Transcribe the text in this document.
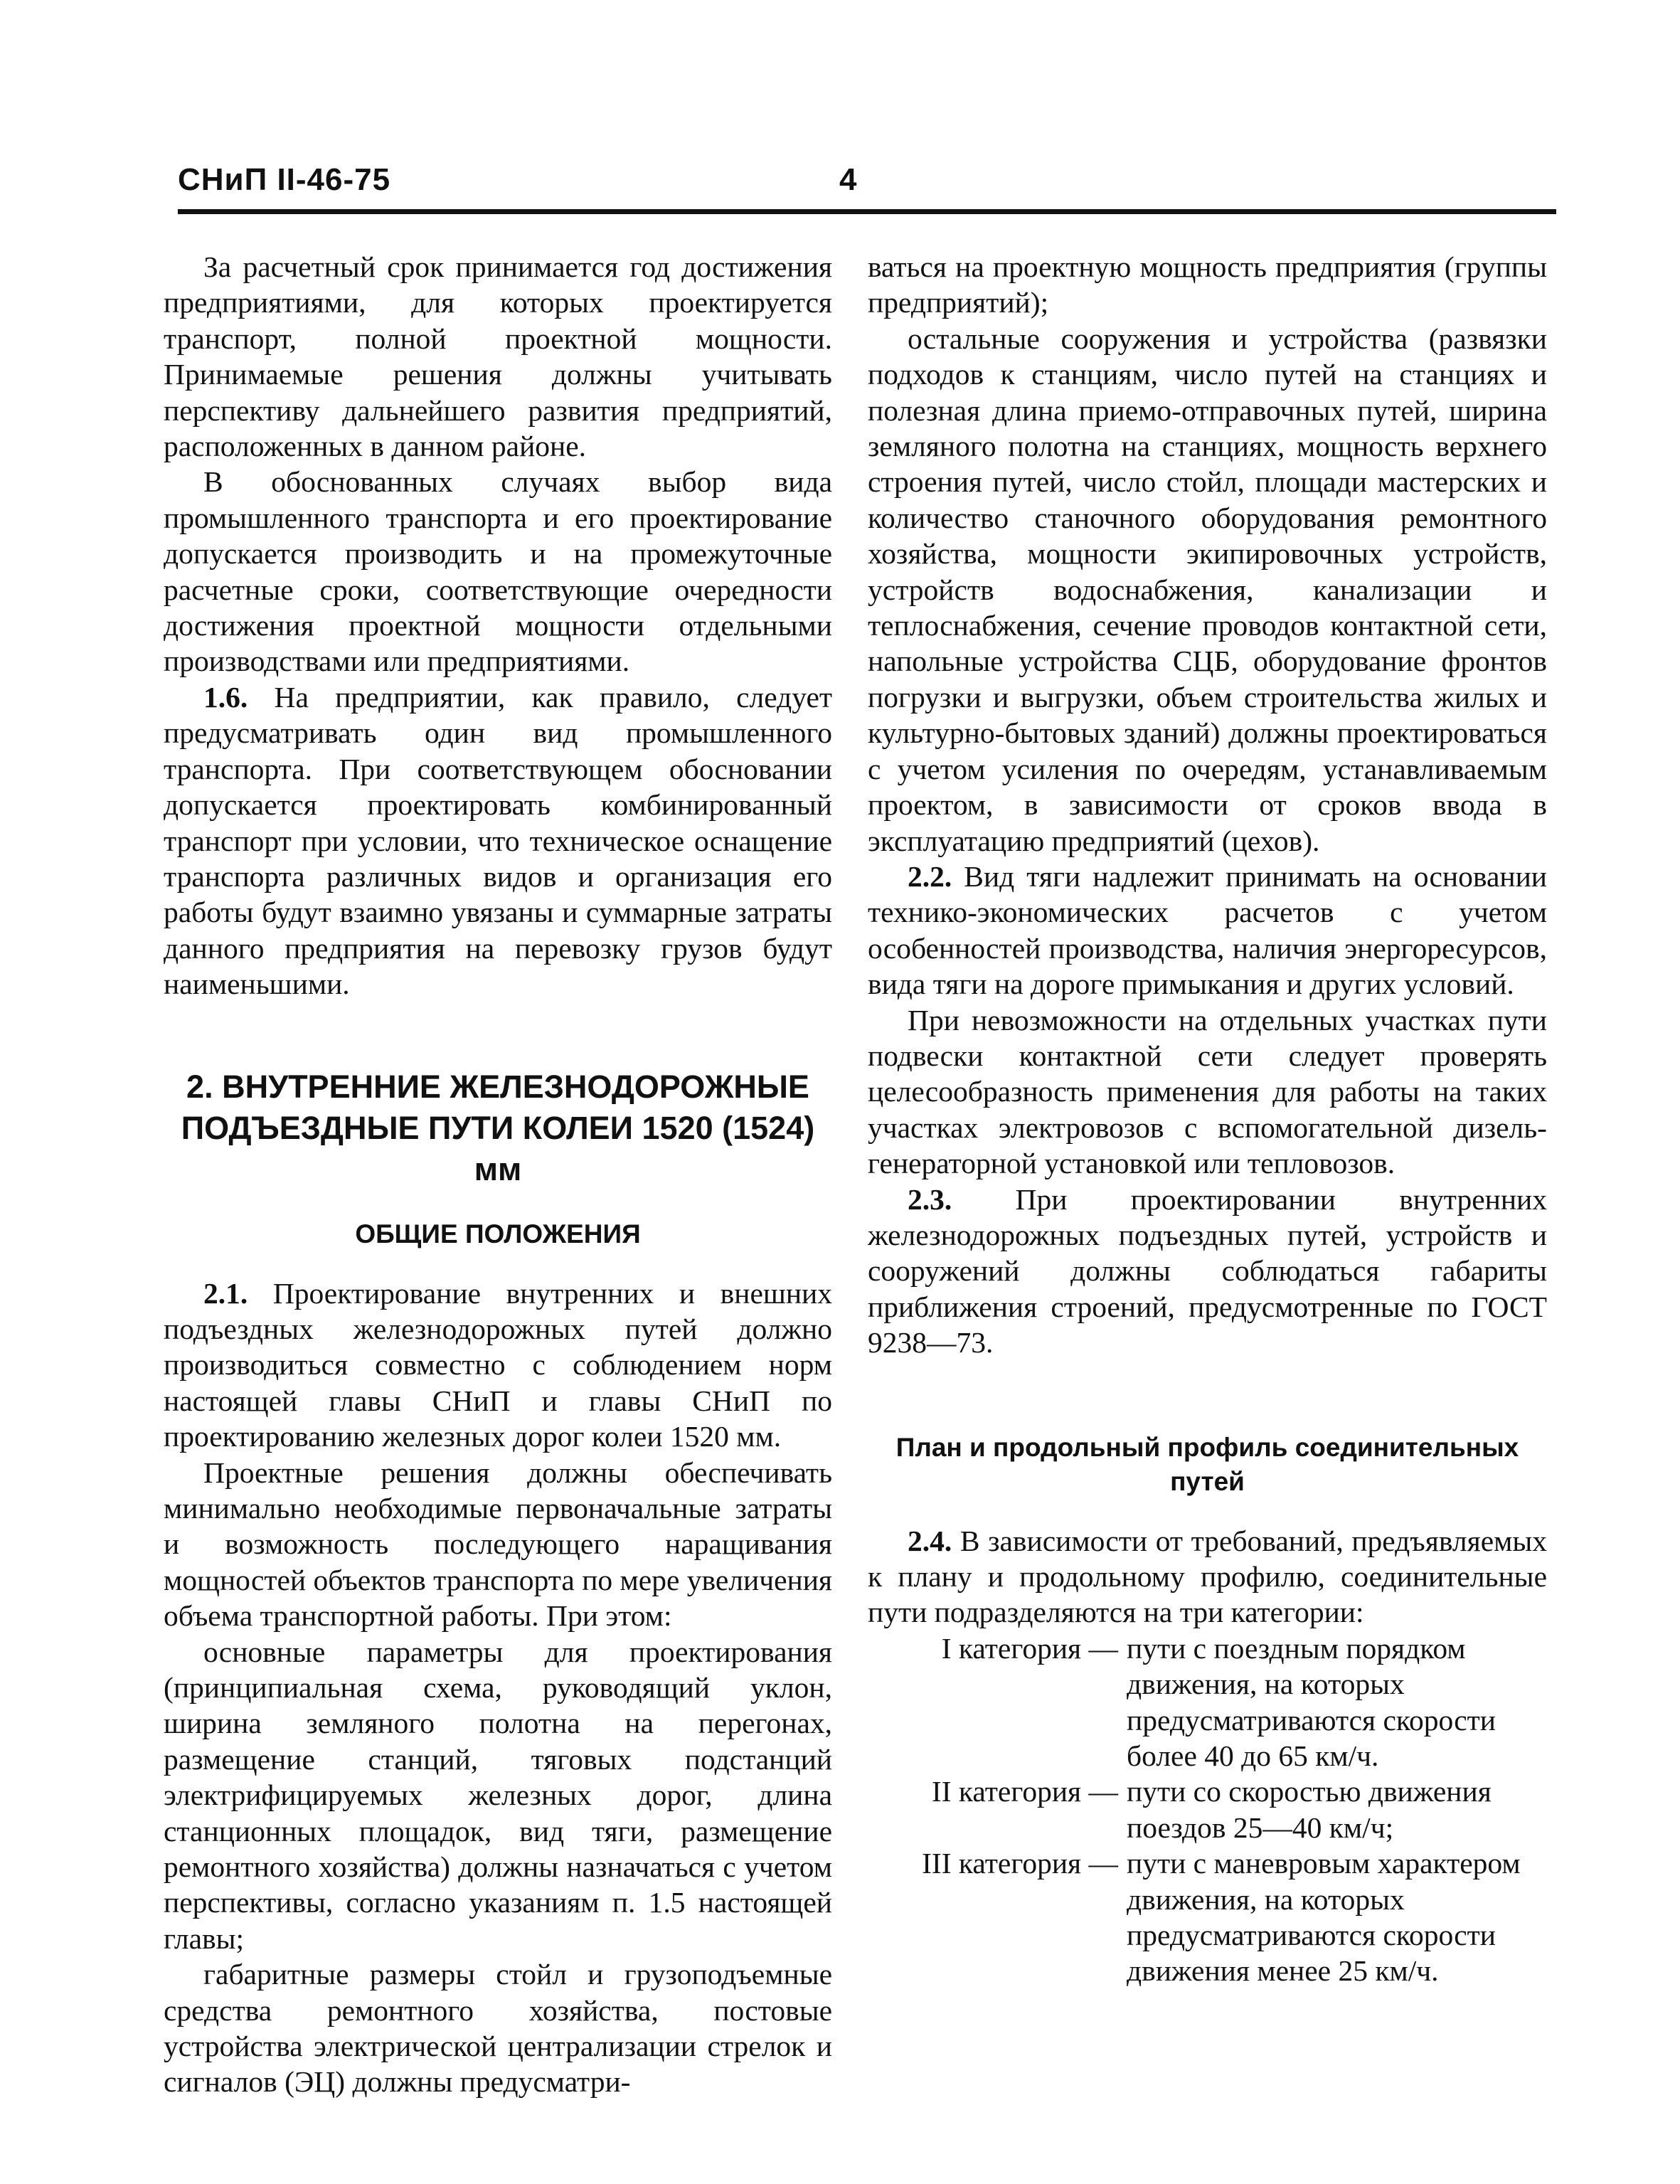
СНиП II-46-75	4

За расчетный срок принимается год достижения предприятиями, для которых проектируется транспорт, полной проектной мощности. Принимаемые решения должны учитывать перспективу дальнейшего развития предприятий, расположенных в данном районе.

В обоснованных случаях выбор вида промышленного транспорта и его проектирование допускается производить и на промежуточные расчетные сроки, соответствующие очередности достижения проектной мощности отдельными производствами или предприятиями.

1.6. На предприятии, как правило, следует предусматривать один вид промышленного транспорта. При соответствующем обосновании допускается проектировать комбинированный транспорт при условии, что техническое оснащение транспорта различных видов и организация его работы будут взаимно увязаны и суммарные затраты данного предприятия на перевозку грузов будут наименьшими.

2. ВНУТРЕННИЕ ЖЕЛЕЗНОДОРОЖНЫЕ ПОДЪЕЗДНЫЕ ПУТИ КОЛЕИ 1520 (1524) мм
ОБЩИЕ ПОЛОЖЕНИЯ

2.1. Проектирование внутренних и внешних подъездных железнодорожных путей должно производиться совместно с соблюдением норм настоящей главы СНиП и главы СНиП по проектированию железных дорог колеи 1520 мм.

Проектные решения должны обеспечивать минимально необходимые первоначальные затраты и возможность последующего наращивания мощностей объектов транспорта по мере увеличения объема транспортной работы. При этом:

основные параметры для проектирования (принципиальная схема, руководящий уклон, ширина земляного полотна на перегонах, размещение станций, тяговых подстанций электрифицируемых железных дорог, длина станционных площадок, вид тяги, размещение ремонтного хозяйства) должны назначаться с учетом перспективы, согласно указаниям п. 1.5 настоящей главы;

габаритные размеры стойл и грузоподъемные средства ремонтного хозяйства, постовые устройства электрической централизации стрелок и сигналов (ЭЦ) должны предусматри-

ваться на проектную мощность предприятия (группы предприятий);

остальные сооружения и устройства (развязки подходов к станциям, число путей на станциях и полезная длина приемо-отправочных путей, ширина земляного полотна на станциях, мощность верхнего строения путей, число стойл, площади мастерских и количество станочного оборудования ремонтного хозяйства, мощности экипировочных устройств, устройств водоснабжения, канализации и теплоснабжения, сечение проводов контактной сети, напольные устройства СЦБ, оборудование фронтов погрузки и выгрузки, объем строительства жилых и культурно-бытовых зданий) должны проектироваться с учетом усиления по очередям, устанавливаемым проектом, в зависимости от сроков ввода в эксплуатацию предприятий (цехов).

2.2. Вид тяги надлежит принимать на основании технико-экономических расчетов с учетом особенностей производства, наличия энергоресурсов, вида тяги на дороге примыкания и других условий.

При невозможности на отдельных участках пути подвески контактной сети следует проверять целесообразность применения для работы на таких участках электровозов с вспомогательной дизель-генераторной установкой или тепловозов.

2.3. При проектировании внутренних железнодорожных подъездных путей, устройств и сооружений должны соблюдаться габариты приближения строений, предусмотренные по ГОСТ 9238—73.

План и продольный профиль соединительных путей

2.4. В зависимости от требований, предъявляемых к плану и продольному профилю, соединительные пути подразделяются на три категории:

I категория — пути с поездным порядком движения, на которых предусматриваются скорости более 40 до 65 км/ч.
II категория — пути со скоростью движения поездов 25—40 км/ч;
III категория — пути с маневровым характером движения, на которых предусматриваются скорости движения менее 25 км/ч.
